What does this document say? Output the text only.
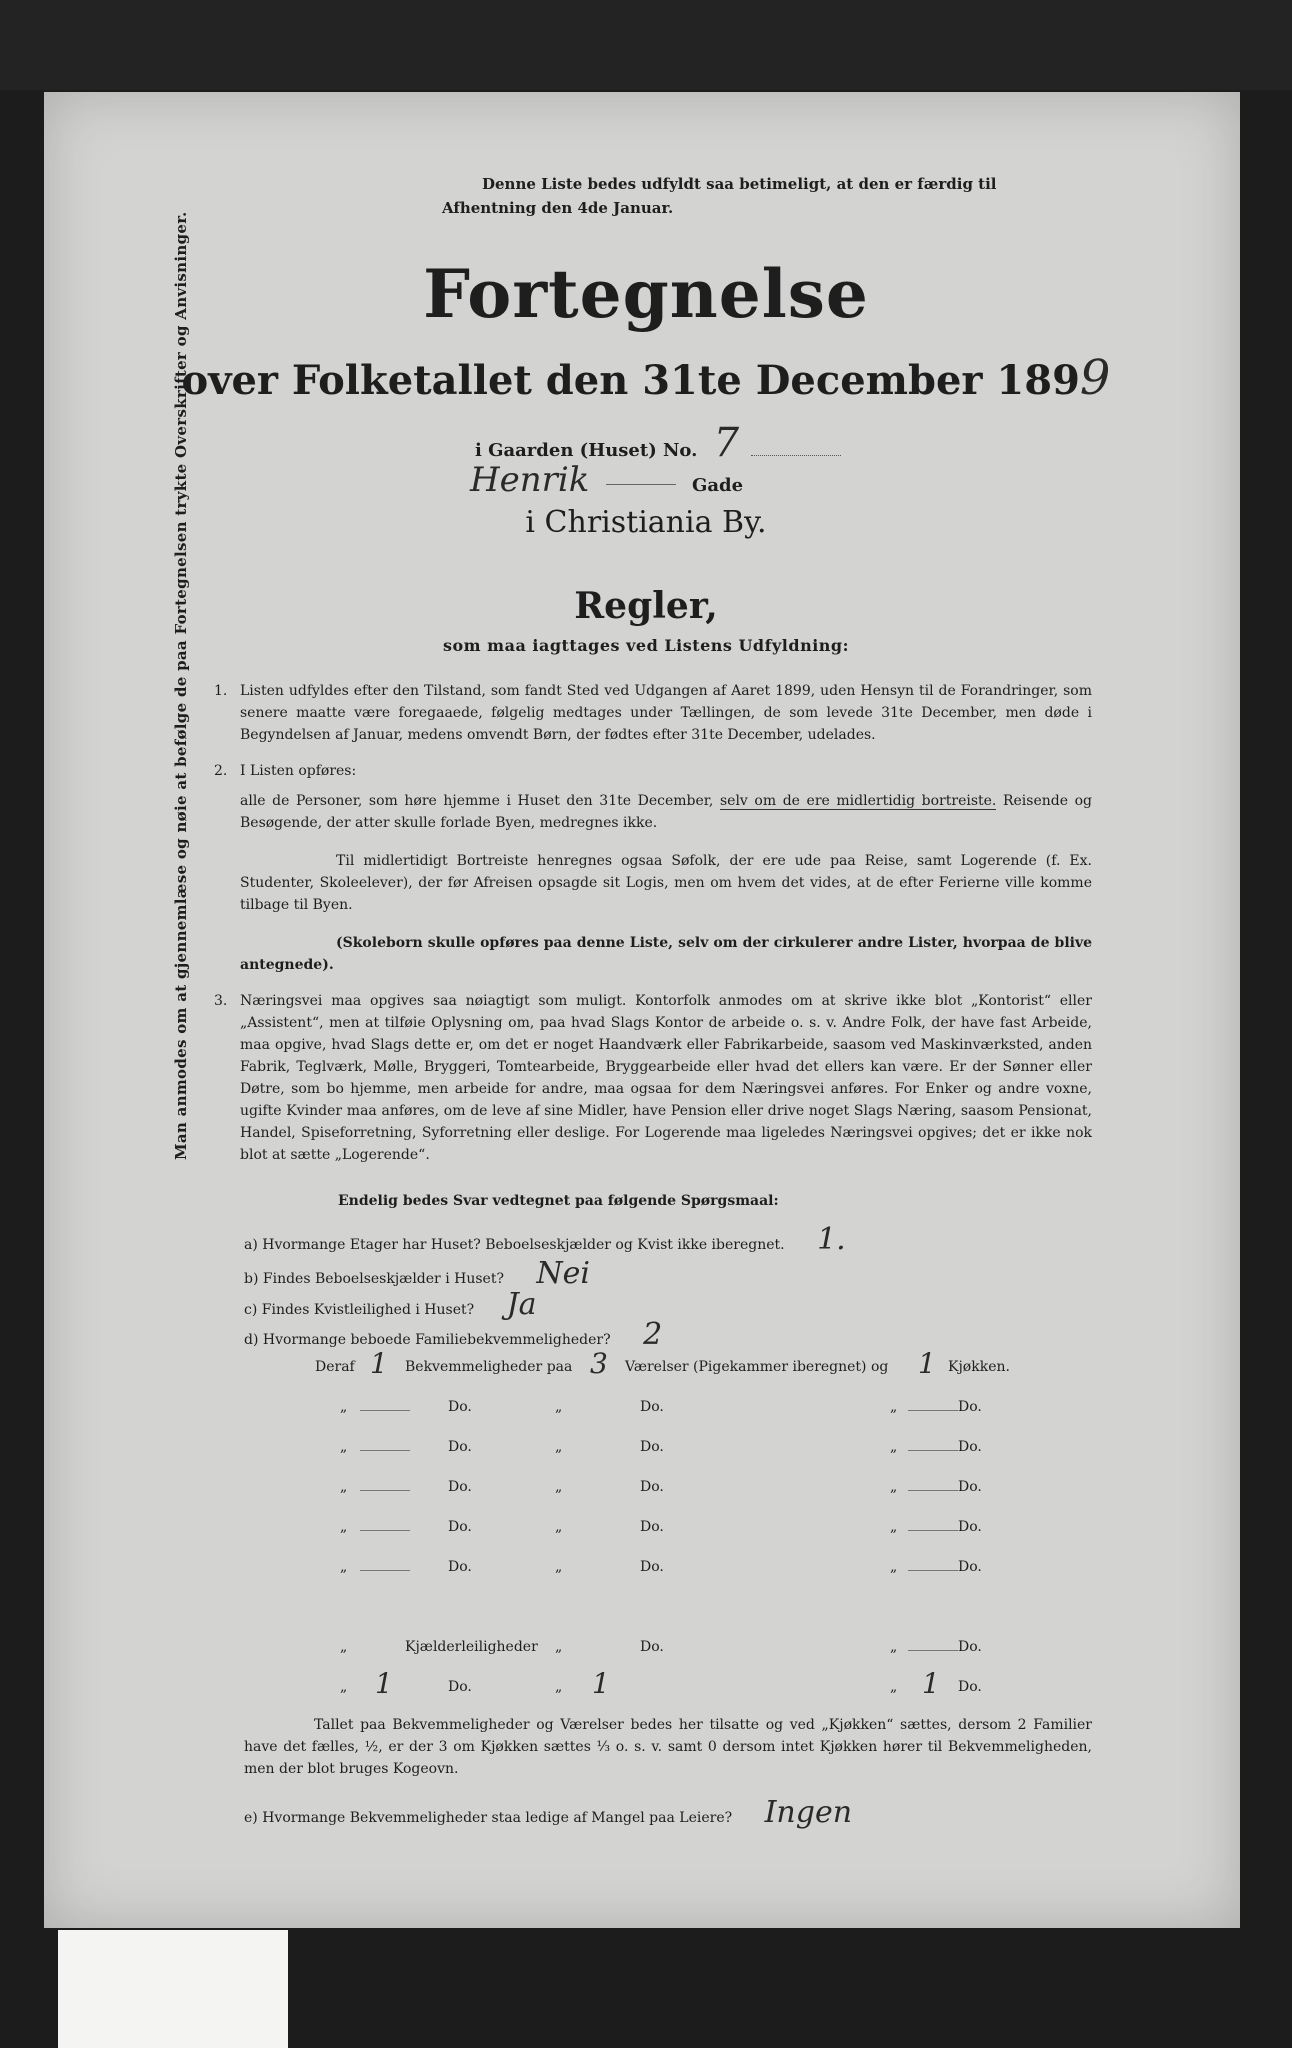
Man anmodes om at gjennemlæse og nøie at befølge de paa Fortegnelsen trykte Overskrifter og Anvisninger.
Denne Liste bedes udfyldt saa betimeligt, at den er færdig til Afhentning den 4de Januar.
Fortegnelse
over Folketallet den 31te December 1899
i Gaarden (Huset) No. 7
Henrik	Gade
i Christiania By.
Regler,
som maa iagttages ved Listens Udfyldning:
1. Listen udfyldes efter den Tilstand, som fandt Sted ved Udgangen af Aaret 1899, uden Hensyn til de Forandringer, som senere maatte være foregaaede, følgelig medtages under Tællingen, de som levede 31te December, men døde i Begyndelsen af Januar, medens omvendt Børn, der fødtes efter 31te December, udelades.
2. I Listen opføres:
alle de Personer, som høre hjemme i Huset den 31te December, selv om de ere midlertidig bortreiste. Reisende og Besøgende, der atter skulle forlade Byen, medregnes ikke.
Til midlertidigt Bortreiste henregnes ogsaa Søfolk, der ere ude paa Reise, samt Logerende (f. Ex. Studenter, Skoleelever), der før Afreisen opsagde sit Logis, men om hvem det vides, at de efter Ferierne ville komme tilbage til Byen.
(Skoleborn skulle opføres paa denne Liste, selv om der cirkulerer andre Lister, hvorpaa de blive antegnede).
3. Næringsvei maa opgives saa nøiagtigt som muligt. Kontorfolk anmodes om at skrive ikke blot „Kontorist“ eller „Assistent“, men at tilføie Oplysning om, paa hvad Slags Kontor de arbeide o. s. v. Andre Folk, der have fast Arbeide, maa opgive, hvad Slags dette er, om det er noget Haandværk eller Fabrikarbeide, saasom ved Maskinværksted, anden Fabrik, Teglværk, Mølle, Bryggeri, Tomtearbeide, Bryggearbeide eller hvad det ellers kan være. Er der Sønner eller Døtre, som bo hjemme, men arbeide for andre, maa ogsaa for dem Næringsvei anføres. For Enker og andre voxne, ugifte Kvinder maa anføres, om de leve af sine Midler, have Pension eller drive noget Slags Næring, saasom Pensionat, Handel, Spiseforretning, Syforretning eller deslige. For Logerende maa ligeledes Næringsvei opgives; det er ikke nok blot at sætte „Logerende“.
Endelig bedes Svar vedtegnet paa følgende Spørgsmaal:
a) Hvormange Etager har Huset? Beboelseskjælder og Kvist ikke iberegnet. 1.
b) Findes Beboelseskjælder i Huset? Nei
c) Findes Kvistleilighed i Huset? Ja
d) Hvormange beboede Familiebekvemmeligheder? 2
Deraf 1 Bekvemmeligheder paa 3 Værelser (Pigekammer iberegnet) og 1 Kjøkken.
„	Do.	„	Do.	„	Do.
„	Do.	„	Do.	„	Do.
„	Do.	„	Do.	„	Do.
„	Do.	„	Do.	„	Do.
„	Do.	„	Do.	„	Do.
„	Kjælderleiligheder „	Do.	„	Do.
„ 1	Do.	„ 1	„ 1 Do.
Tallet paa Bekvemmeligheder og Værelser bedes her tilsatte og ved „Kjøkken“ sættes, dersom 2 Familier have det fælles, ½, er der 3 om Kjøkken sættes ⅓ o. s. v. samt 0 dersom intet Kjøkken hører til Bekvemmeligheden, men der blot bruges Kogeovn.
e) Hvormange Bekvemmeligheder staa ledige af Mangel paa Leiere? Ingen
